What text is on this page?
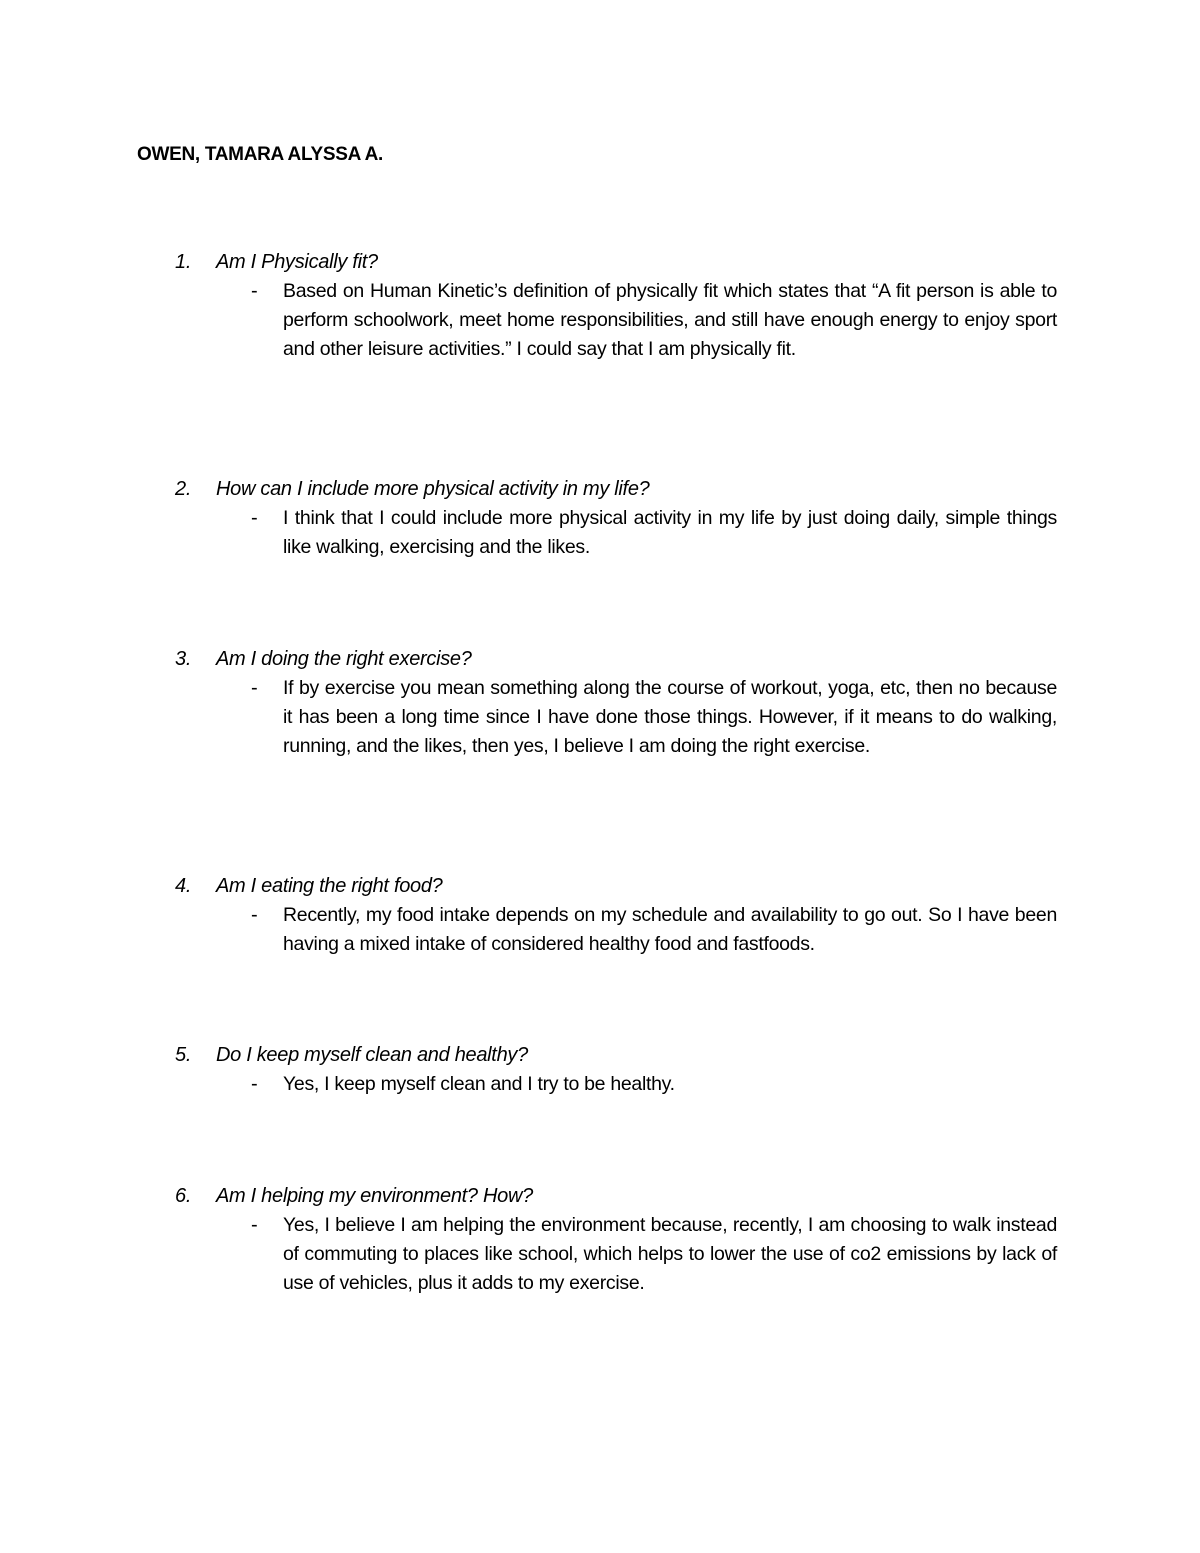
OWEN, TAMARA ALYSSA A.
1. Am I Physically fit?
- Based on Human Kinetic’s definition of physically fit which states that “A fit person is able to perform schoolwork, meet home responsibilities, and still have enough energy to enjoy sport and other leisure activities.” I could say that I am physically fit.
2. How can I include more physical activity in my life?
- I think that I could include more physical activity in my life by just doing daily, simple things like walking, exercising and the likes.
3. Am I doing the right exercise?
- If by exercise you mean something along the course of workout, yoga, etc, then no because it has been a long time since I have done those things. However, if it means to do walking, running, and the likes, then yes, I believe I am doing the right exercise.
4. Am I eating the right food?
- Recently, my food intake depends on my schedule and availability to go out. So I have been having a mixed intake of considered healthy food and fastfoods.
5. Do I keep myself clean and healthy?
- Yes, I keep myself clean and I try to be healthy.
6. Am I helping my environment? How?
- Yes, I believe I am helping the environment because, recently, I am choosing to walk instead of commuting to places like school, which helps to lower the use of co2 emissions by lack of use of vehicles, plus it adds to my exercise.
